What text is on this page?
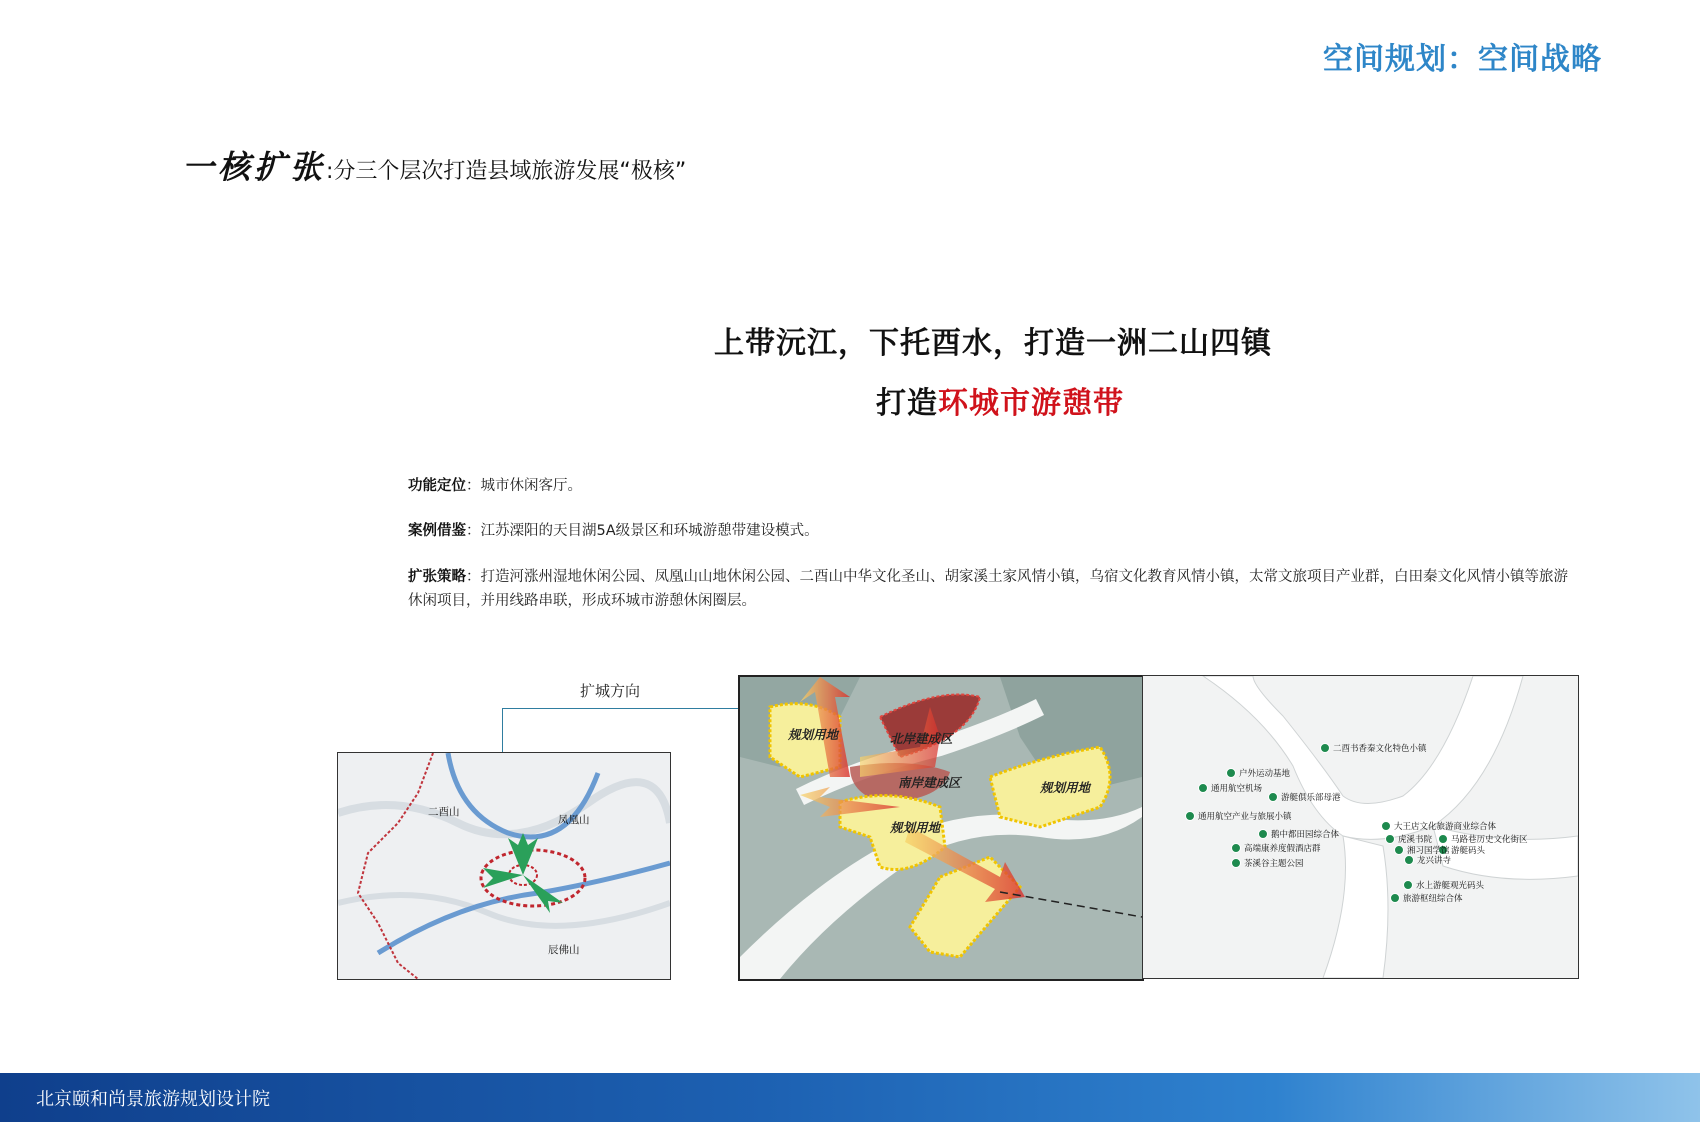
空间规划：空间战略
一核扩张:分三个层次打造县域旅游发展“极核”
上带沅江，下托酉水，打造一洲二山四镇
打造环城市游憩带
功能定位：城市休闲客厅。
案例借鉴：江苏溧阳的天目湖5A级景区和环城游憩带建设模式。
扩张策略：打造河涨州湿地休闲公园、凤凰山山地休闲公园、二酉山中华文化圣山、胡家溪土家风情小镇，乌宿文化教育风情小镇，太常文旅项目产业群，白田秦文化风情小镇等旅游休闲项目，并用线路串联，形成环城市游憩休闲圈层。
扩城方向
二酉山
凤凰山
辰佛山
规划用地	北岸建成区
南岸建成区
规划用地
规划用地
二酉书香秦文化特色小镇
户外运动基地
通用航空机场
游艇俱乐部母港
通用航空产业与旅展小镇
鹅中都田园综合体
高端康养度假酒店群
茶溪谷主题公园
大王店文化旅游商业综合体
虎溪书院 马路巷历史文化街区
湘习国学馆 游艇码头
龙兴讲寺
水上游艇观光码头
旅游枢纽综合体
北京颐和尚景旅游规划设计院
